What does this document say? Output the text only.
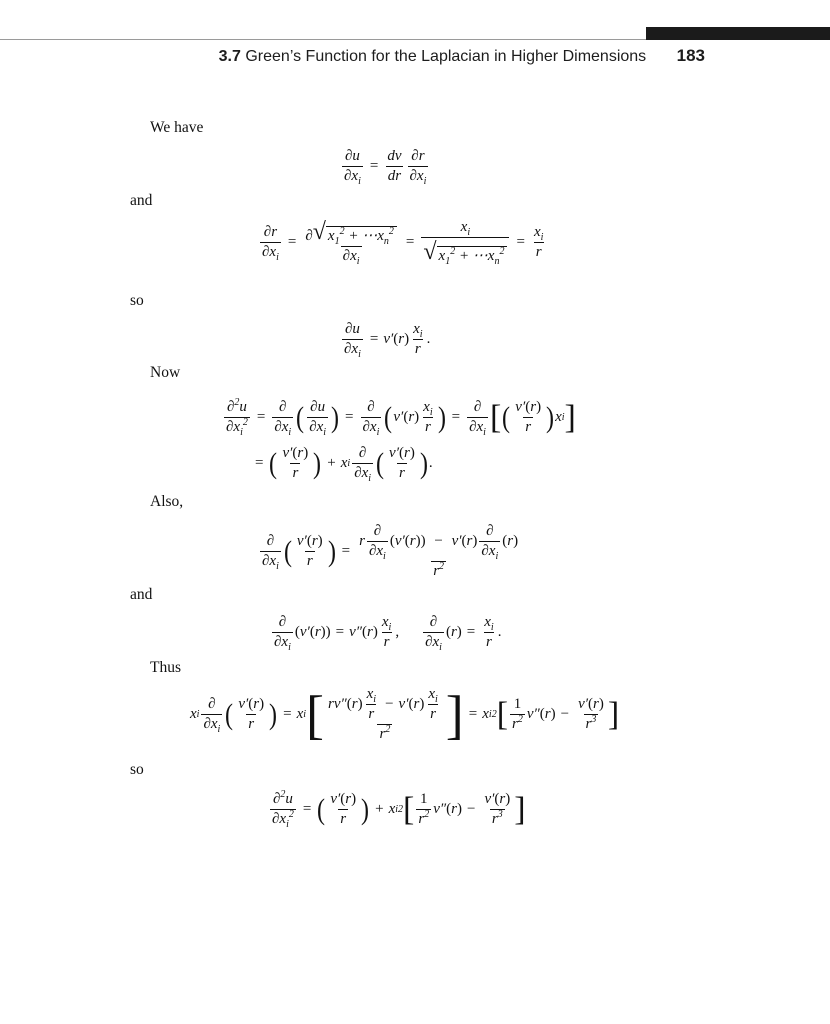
3.7 Green’s Function for the Laplacian in Higher Dimensions 183
We have
$\frac{\partial u}{\partial x_i} = \frac{dv}{dr} \frac{\partial r}{\partial x_i}$
and
$\frac{\partial r}{\partial x_i} = \frac{\partial √ x_1^2 + \cdots x_n^2}{\partial x_i} = \frac{x_i}{√ x_1^2 + \cdots x_n^2} = \frac{x_i}{r}$
so
$\frac{\partial u}{\partial x_i} = v'$ ( r ) $\frac{x_i}{r}$ .
Now
$\frac{\partial^2u}{\partial x_i^2} = \frac{\partial}{\partial x_i}$ ( $\frac{\partial u}{\partial x_i}$ ) = $\frac{\partial}{\partial x_i}$ ( v′ ( r ) $\frac{x_i}{r}$ ) = $\frac{\partial}{\partial x_i}$ [ ( $\frac{v'(r)}{r}$ ) x i ]
= ( $\frac{v'(r)}{r}$ ) + x i $\frac{\partial}{\partial x_i}$ ( $\frac{v'(r)}{r}$ ) .
Also,
$\frac{\partial}{\partial x_i}$ ( $\frac{v'(r)}{r}$ ) = $\frac{r \frac{\partial}{\partial x_i} (v'(r)) - v'(r) \frac{\partial}{\partial x_i} (r)}{r^2}$
and
$\frac{\partial}{\partial x_i}$ ( v′ ( r )) = v″ ( r ) $\frac{x_i}{r}$ , $\frac{\partial}{\partial x_i}$ ( r ) = $\frac{x_i}{r}$ .
Thus
x i $\frac{\partial}{\partial x_i}$ ( $\frac{v'(r)}{r}$ ) = x i [ $\frac{rv''(r) \frac{x_i}{r} - v'(r) \frac{x_i}{r}}{r^2}$ ] = x i 2 [ $\frac{1}{r^2} v''$ ( r ) − $\frac{v'(r)}{r^3}$ ]
so
$\frac{\partial^2u}{\partial x_i^2}$ = ( $\frac{v'(r)}{r}$ ) + x i 2 [ $\frac{1}{r^2} v''$ ( r ) − $\frac{v'(r)}{r^3}$ ]
